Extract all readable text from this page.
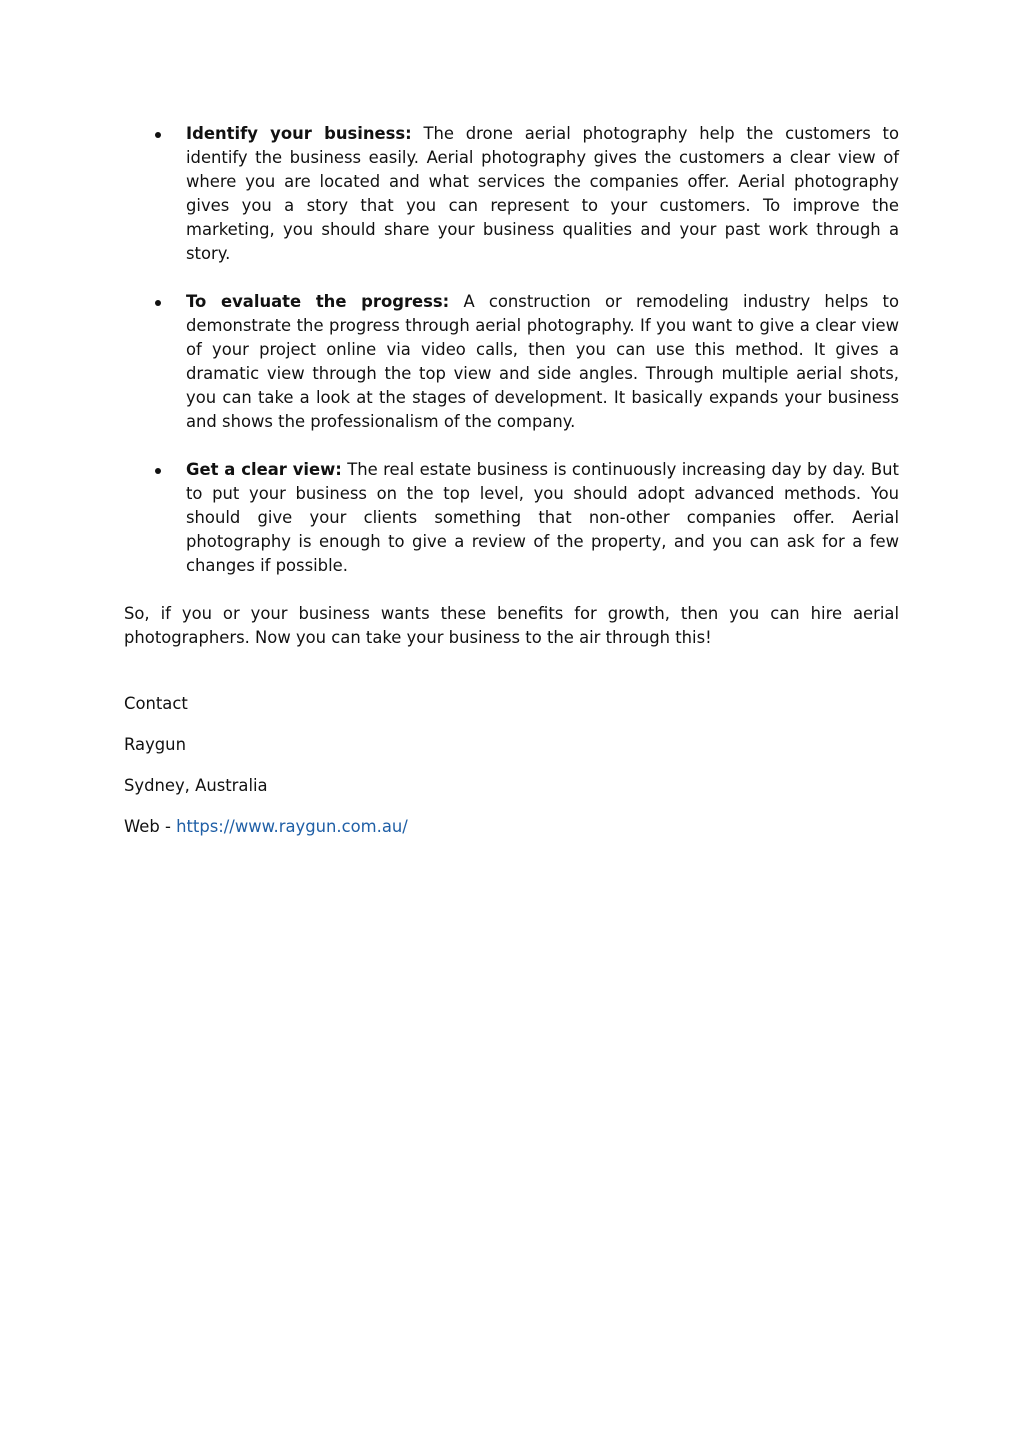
Identify your business: The drone aerial photography help the customers to identify the business easily. Aerial photography gives the customers a clear view of where you are located and what services the companies offer. Aerial photography gives you a story that you can represent to your customers. To improve the marketing, you should share your business qualities and your past work through a story.
To evaluate the progress: A construction or remodeling industry helps to demonstrate the progress through aerial photography. If you want to give a clear view of your project online via video calls, then you can use this method. It gives a dramatic view through the top view and side angles. Through multiple aerial shots, you can take a look at the stages of development. It basically expands your business and shows the professionalism of the company.
Get a clear view: The real estate business is continuously increasing day by day. But to put your business on the top level, you should adopt advanced methods. You should give your clients something that non-other companies offer. Aerial photography is enough to give a review of the property, and you can ask for a few changes if possible.

So, if you or your business wants these benefits for growth, then you can hire aerial photographers. Now you can take your business to the air through this!

Contact

Raygun

Sydney, Australia

Web - https://www.raygun.com.au/
